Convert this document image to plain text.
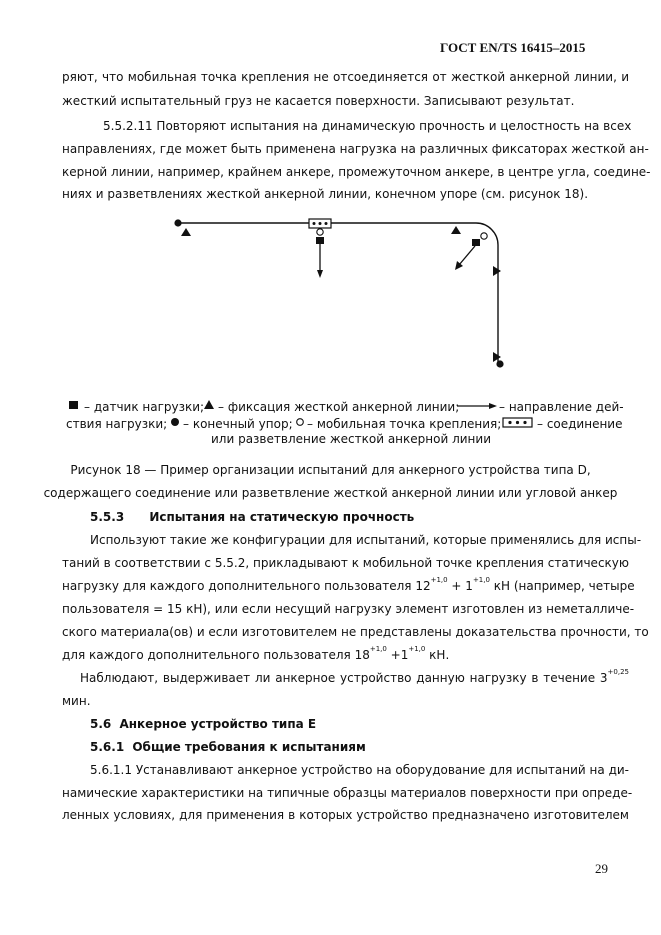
ГОСТ EN/TS 16415–2015
ряют, что мобильная точка крепления не отсоединяется от жесткой анкерной линии, и
жесткий испытательный груз не касается поверхности. Записывают результат.
5.5.2.11 Повторяют испытания на динамическую прочность и целостность на всех
направлениях, где может быть применена нагрузка на различных фиксаторах жесткой ан-
керной линии, например, крайнем анкере, промежуточном анкере, в центре угла, соедине-
ниях и разветвлениях жесткой анкерной линии, конечном упоре (см. рисунок 18).
– датчик нагрузки; – фиксация жесткой анкерной линии;	– направление дей-
ствия нагрузки; – конечный упор; – мобильная точка крепления;	– соединение
или разветвление жесткой анкерной линии
Рисунок 18 — Пример организации испытаний для анкерного устройства типа D,
содержащего соединение или разветвление жесткой анкерной линии или угловой анкер
5.5.3 Испытания на статическую прочность
Используют такие же конфигурации для испытаний, которые применялись для испы-
таний в соответствии с 5.5.2, прикладывают к мобильной точке крепления статическую
нагрузку для каждого дополнительного пользователя $12^{+1,0} + 1^{+1,0}$ кН (например, четыре
пользователя = 15 кН), или если несущий нагрузку элемент изготовлен из неметалличе-
ского материала(ов) и если изготовителем не представлены доказательства прочности, то
для каждого дополнительного пользователя $18^{+1,0} +1^{+1,0}$ кН.
Наблюдают, выдерживает ли анкерное устройство данную нагрузку в течение $3^{+0,25}$
мин.
5.6 Анкерное устройство типа Е
5.6.1 Общие требования к испытаниям
5.6.1.1 Устанавливают анкерное устройство на оборудование для испытаний на ди-
намические характеристики на типичные образцы материалов поверхности при опреде-
ленных условиях, для применения в которых устройство предназначено изготовителем
29
